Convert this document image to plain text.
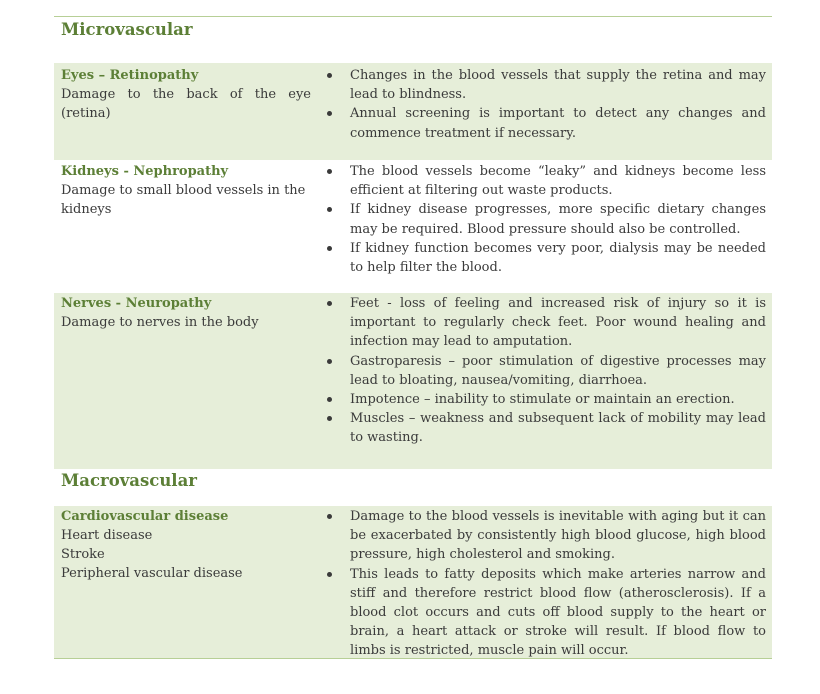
Microvascular
Eyes – Retinopathy
Damage to the back of the eye (retina)
Changes in the blood vessels that supply the retina and may lead to blindness.
Annual screening is important to detect any changes and commence treatment if necessary.
Kidneys - Nephropathy
Damage to small blood vessels in the kidneys
The blood vessels become “leaky” and kidneys become less efficient at filtering out waste products.
If kidney disease progresses, more specific dietary changes may be required. Blood pressure should also be controlled.
If kidney function becomes very poor, dialysis may be needed to help filter the blood.
Nerves - Neuropathy
Damage to nerves in the body
Feet - loss of feeling and increased risk of injury so it is important to regularly check feet. Poor wound healing and infection may lead to amputation.
Gastroparesis – poor stimulation of digestive processes may lead to bloating, nausea/vomiting, diarrhoea.
Impotence – inability to stimulate or maintain an erection.
Muscles – weakness and subsequent lack of mobility may lead to wasting.
Macrovascular
Cardiovascular disease
Heart disease
Stroke
Peripheral vascular disease
Damage to the blood vessels is inevitable with aging but it can be exacerbated by consistently high blood glucose, high blood pressure, high cholesterol and smoking.
This leads to fatty deposits which make arteries narrow and stiff and therefore restrict blood flow (atherosclerosis). If a blood clot occurs and cuts off blood supply to the heart or brain, a heart attack or stroke will result. If blood flow to limbs is restricted, muscle pain will occur.
